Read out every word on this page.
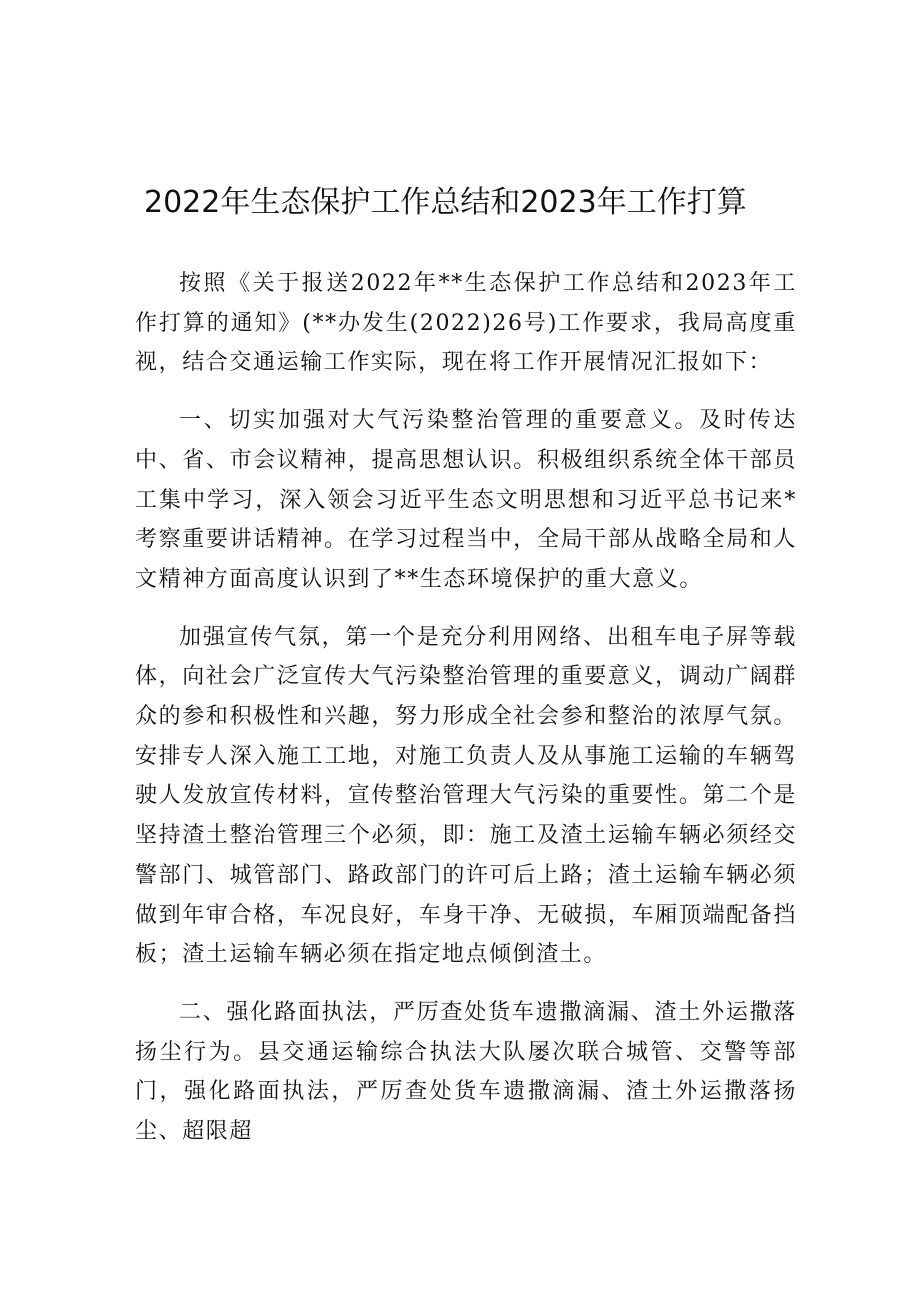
2022年生态保护工作总结和2023年工作打算

按照《关于报送2022年**生态保护工作总结和2023年工作打算的通知》(**办发生(2022)26号)工作要求，我局高度重视，结合交通运输工作实际，现在将工作开展情况汇报如下：

一、切实加强对大气污染整治管理的重要意义。及时传达中、省、市会议精神，提高思想认识。积极组织系统全体干部员工集中学习，深入领会习近平生态文明思想和习近平总书记来*考察重要讲话精神。在学习过程当中，全局干部从战略全局和人文精神方面高度认识到了**生态环境保护的重大意义。

加强宣传气氛，第一个是充分利用网络、出租车电子屏等载体，向社会广泛宣传大气污染整治管理的重要意义，调动广阔群众的参和积极性和兴趣，努力形成全社会参和整治的浓厚气氛。安排专人深入施工工地，对施工负责人及从事施工运输的车辆驾驶人发放宣传材料，宣传整治管理大气污染的重要性。第二个是坚持渣土整治管理三个必须，即：施工及渣土运输车辆必须经交警部门、城管部门、路政部门的许可后上路；渣土运输车辆必须做到年审合格，车况良好，车身干净、无破损，车厢顶端配备挡板；渣土运输车辆必须在指定地点倾倒渣土。

二、强化路面执法，严厉查处货车遗撒滴漏、渣土外运撒落扬尘行为。县交通运输综合执法大队屡次联合城管、交警等部门，强化路面执法，严厉查处货车遗撒滴漏、渣土外运撒落扬尘、超限超
